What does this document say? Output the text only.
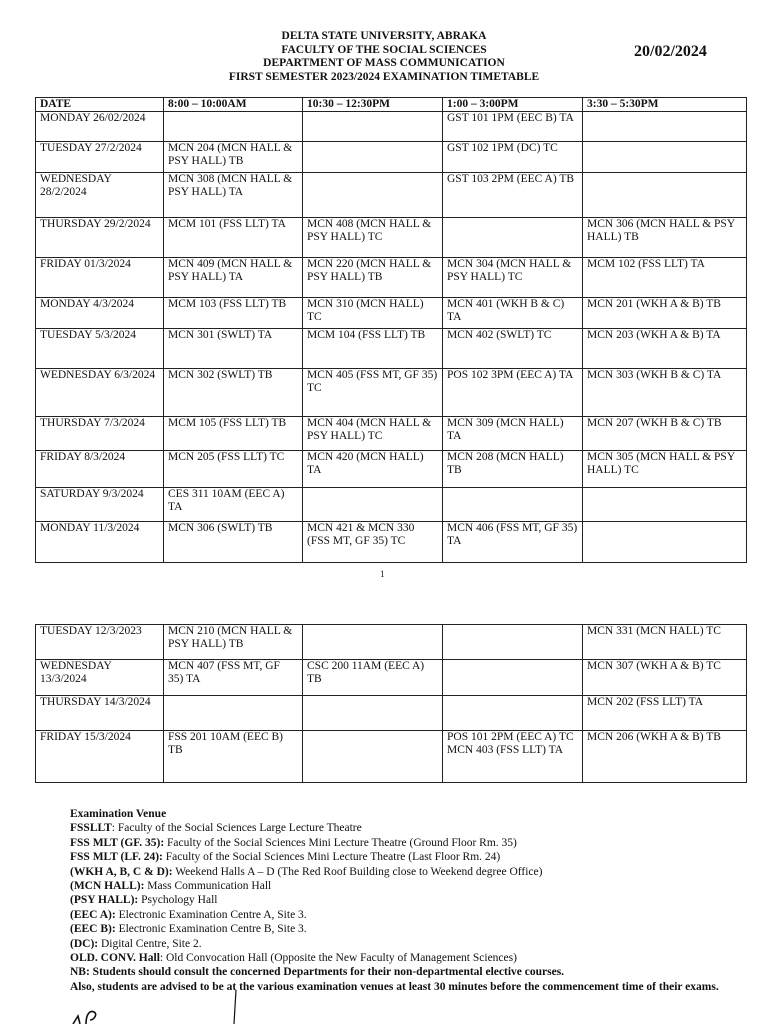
DELTA STATE UNIVERSITY, ABRAKA
FACULTY OF THE SOCIAL SCIENCES
DEPARTMENT OF MASS COMMUNICATION
FIRST SEMESTER 2023/2024 EXAMINATION TIMETABLE
20/02/2024
DATE	8:00 – 10:00AM	10:30 – 12:30PM	1:00 – 3:00PM	3:30 – 5:30PM
MONDAY 26/02/2024			GST 101 1PM (EEC B) TA	
TUESDAY 27/2/2024	MCN 204 (MCN HALL & PSY HALL) TB		GST 102 1PM (DC) TC	
WEDNESDAY 28/2/2024	MCN 308 (MCN HALL & PSY HALL) TA		GST 103 2PM (EEC A) TB	
THURSDAY 29/2/2024	MCM 101 (FSS LLT) TA	MCN 408 (MCN HALL & PSY HALL) TC		MCN 306 (MCN HALL & PSY HALL) TB
FRIDAY 01/3/2024	MCN 409 (MCN HALL & PSY HALL) TA	MCN 220 (MCN HALL & PSY HALL) TB	MCN 304 (MCN HALL & PSY HALL) TC	MCM 102 (FSS LLT) TA
MONDAY 4/3/2024	MCM 103 (FSS LLT) TB	MCN 310 (MCN HALL) TC	MCN 401 (WKH B & C) TA	MCN 201 (WKH A & B) TB
TUESDAY 5/3/2024	MCN 301 (SWLT) TA	MCM 104 (FSS LLT) TB	MCN 402 (SWLT) TC	MCN 203 (WKH A & B) TA
WEDNESDAY 6/3/2024	MCN 302 (SWLT) TB	MCN 405 (FSS MT, GF 35) TC	POS 102 3PM (EEC A) TA	MCN 303 (WKH B & C) TA
THURSDAY 7/3/2024	MCM 105 (FSS LLT) TB	MCN 404 (MCN HALL & PSY HALL) TC	MCN 309 (MCN HALL) TA	MCN 207 (WKH B & C) TB
FRIDAY 8/3/2024	MCN 205 (FSS LLT) TC	MCN 420 (MCN HALL) TA	MCN 208 (MCN HALL) TB	MCN 305 (MCN HALL & PSY HALL) TC
SATURDAY 9/3/2024	CES 311 10AM (EEC A) TA			
MONDAY 11/3/2024	MCN 306 (SWLT) TB	MCN 421 & MCN 330 (FSS MT, GF 35) TC	MCN 406 (FSS MT, GF 35) TA	
1
TUESDAY 12/3/2023	MCN 210 (MCN HALL & PSY HALL) TB			MCN 331 (MCN HALL) TC
WEDNESDAY 13/3/2024	MCN 407 (FSS MT, GF 35) TA	CSC 200 11AM (EEC A) TB		MCN 307 (WKH A & B) TC
THURSDAY 14/3/2024				MCN 202 (FSS LLT) TA
FRIDAY 15/3/2024	FSS 201 10AM (EEC B) TB		POS 101 2PM (EEC A) TC MCN 403 (FSS LLT) TA	MCN 206 (WKH A & B) TB
Examination Venue
FSSLLT: Faculty of the Social Sciences Large Lecture Theatre
FSS MLT (GF. 35): Faculty of the Social Sciences Mini Lecture Theatre (Ground Floor Rm. 35)
FSS MLT (LF. 24): Faculty of the Social Sciences Mini Lecture Theatre (Last Floor Rm. 24)
(WKH A, B, C & D): Weekend Halls A – D (The Red Roof Building close to Weekend degree Office)
(MCN HALL): Mass Communication Hall
(PSY HALL): Psychology Hall
(EEC A): Electronic Examination Centre A, Site 3.
(EEC B): Electronic Examination Centre B, Site 3.
(DC): Digital Centre, Site 2.
OLD. CONV. Hall: Old Convocation Hall (Opposite the New Faculty of Management Sciences)
NB: Students should consult the concerned Departments for their non-departmental elective courses.
Also, students are advised to be at the various examination venues at least 30 minutes before the commencement time of their exams.
